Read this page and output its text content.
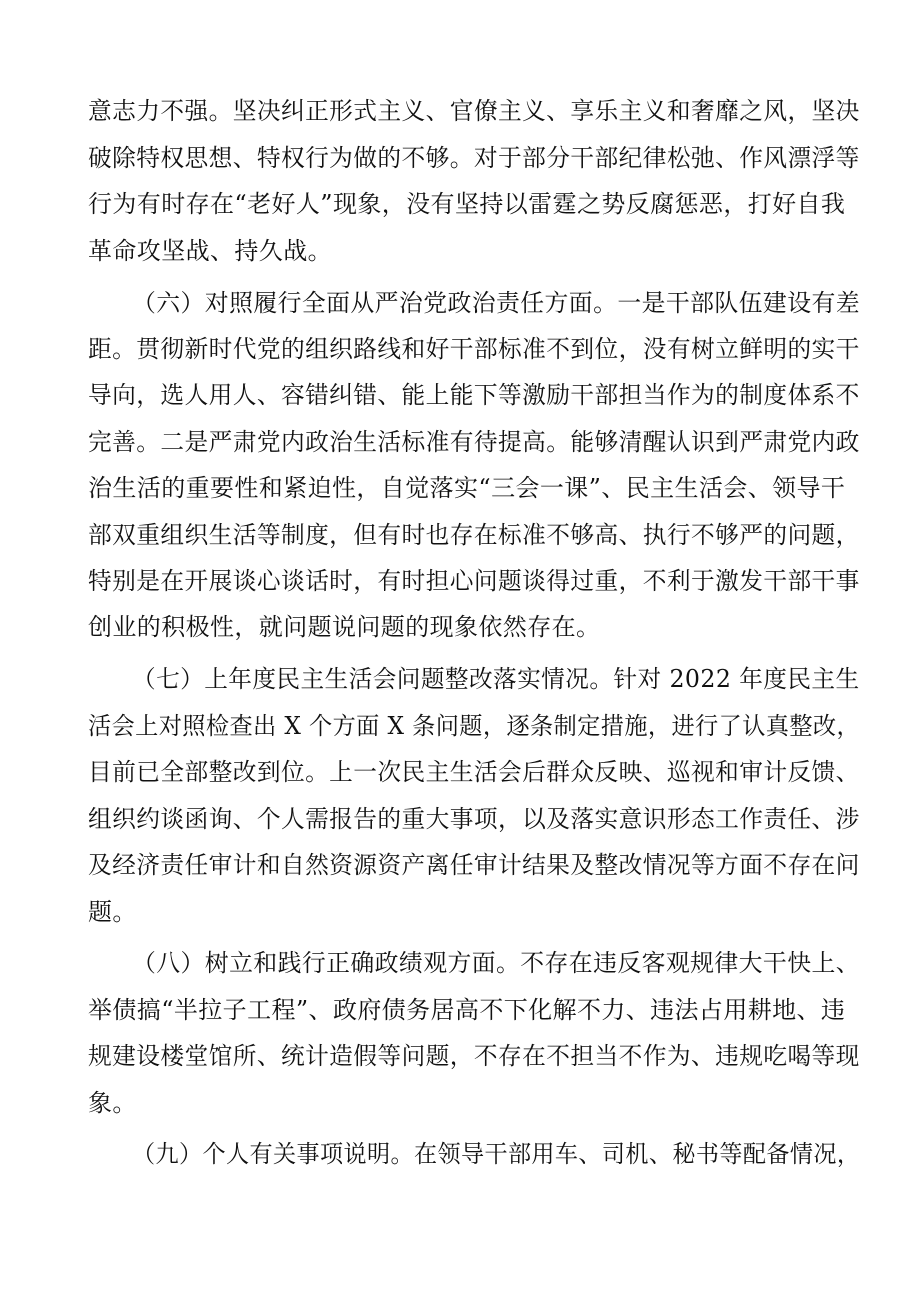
意志力不强。坚决纠正形式主义、官僚主义、享乐主义和奢靡之风，坚决

破除特权思想、特权行为做的不够。对于部分干部纪律松弛、作风漂浮等

行为有时存在“老好人”现象，没有坚持以雷霆之势反腐惩恶，打好自我

革命攻坚战、持久战。

（六）对照履行全面从严治党政治责任方面。一是干部队伍建设有差

距。贯彻新时代党的组织路线和好干部标准不到位，没有树立鲜明的实干

导向，选人用人、容错纠错、能上能下等激励干部担当作为的制度体系不

完善。二是严肃党内政治生活标准有待提高。能够清醒认识到严肃党内政

治生活的重要性和紧迫性，自觉落实“三会一课”、民主生活会、领导干

部双重组织生活等制度，但有时也存在标准不够高、执行不够严的问题，

特别是在开展谈心谈话时，有时担心问题谈得过重，不利于激发干部干事

创业的积极性，就问题说问题的现象依然存在。

（七）上年度民主生活会问题整改落实情况。针对 2022 年度民主生

活会上对照检查出 X 个方面 X 条问题，逐条制定措施，进行了认真整改，

目前已全部整改到位。上一次民主生活会后群众反映、巡视和审计反馈、

组织约谈函询、个人需报告的重大事项，以及落实意识形态工作责任、涉

及经济责任审计和自然资源资产离任审计结果及整改情况等方面不存在问

题。

（八）树立和践行正确政绩观方面。不存在违反客观规律大干快上、

举债搞“半拉子工程”、政府债务居高不下化解不力、违法占用耕地、违

规建设楼堂馆所、统计造假等问题，不存在不担当不作为、违规吃喝等现

象。

（九）个人有关事项说明。在领导干部用车、司机、秘书等配备情况，
